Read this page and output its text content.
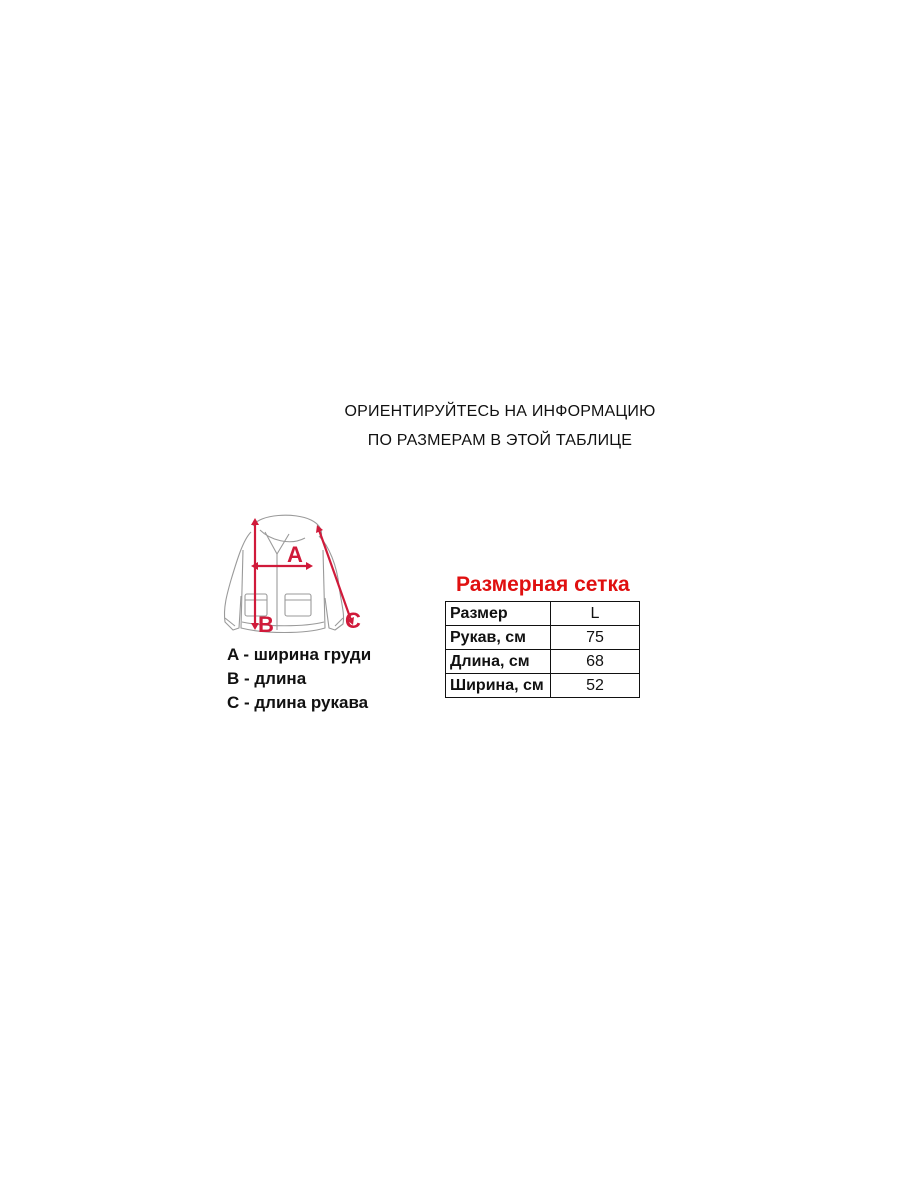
ОРИЕНТИРУЙТЕСЬ НА ИНФОРМАЦИЮ
ПО РАЗМЕРАМ В ЭТОЙ ТАБЛИЦЕ
A
B	C
A - ширина груди
B - длина
C - длина рукава
Размерная сетка
Размер	L
Рукав, см	75
Длина, см	68
Ширина, см	52
